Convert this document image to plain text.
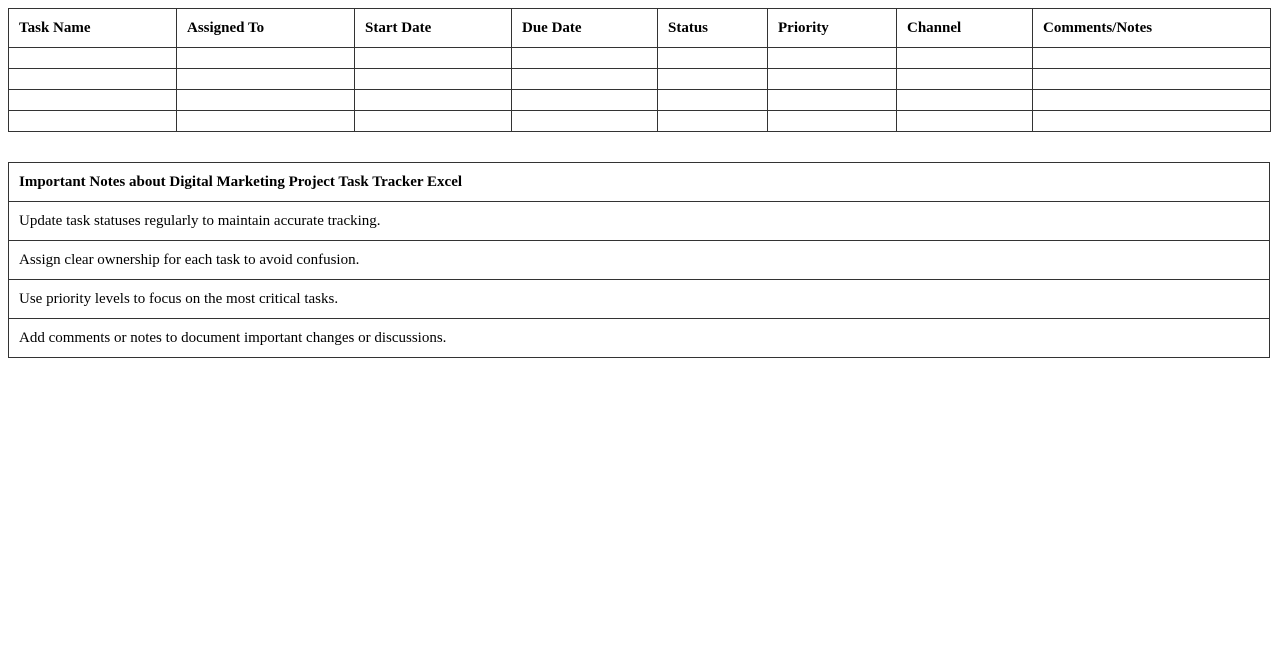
Task Name	Assigned To	Start Date	Due Date	Status	Priority	Channel	Comments/Notes

Important Notes about Digital Marketing Project Task Tracker Excel
Update task statuses regularly to maintain accurate tracking.
Assign clear ownership for each task to avoid confusion.
Use priority levels to focus on the most critical tasks.
Add comments or notes to document important changes or discussions.
